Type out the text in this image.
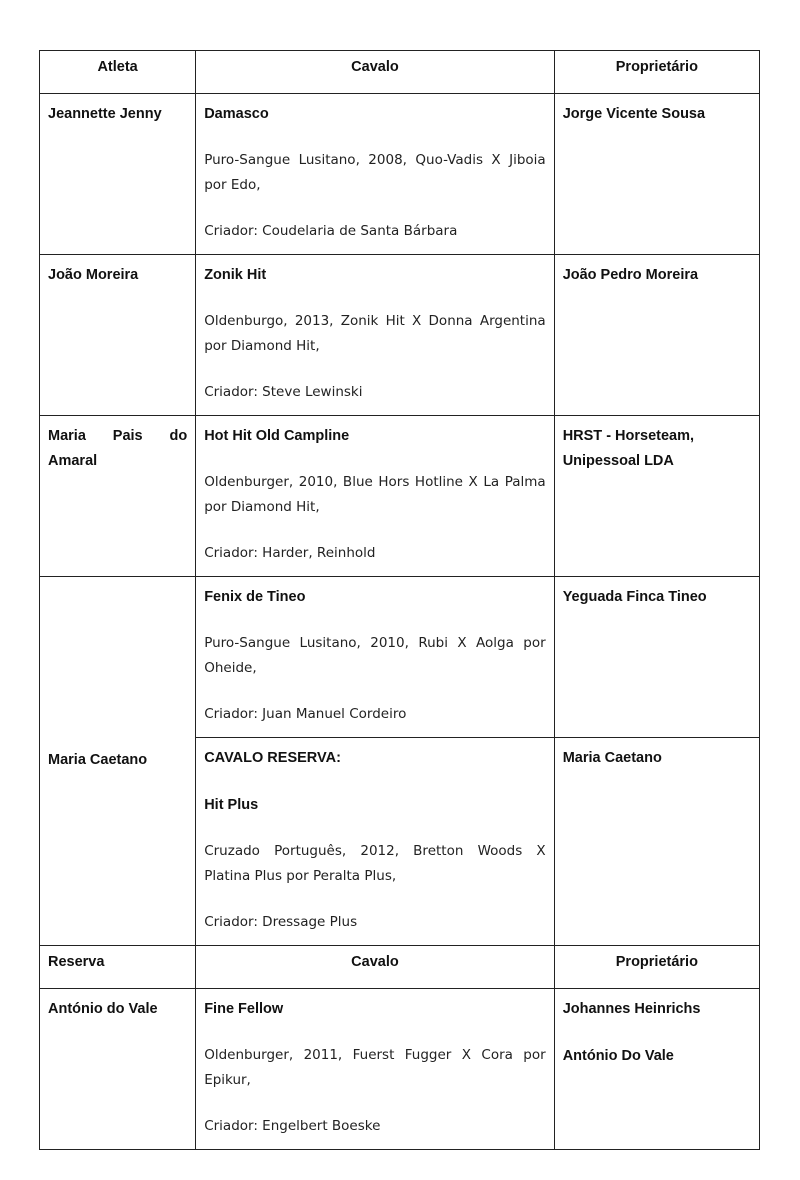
Atleta	Cavalo	Proprietário

Jeannette Jenny	Damasco
Puro-Sangue Lusitano, 2008, Quo-Vadis X Jiboia por Edo,
Criador: Coudelaria de Santa Bárbara	Jorge Vicente Sousa

João Moreira	Zonik Hit
Oldenburgo, 2013, Zonik Hit X Donna Argentina por Diamond Hit,
Criador: Steve Lewinski	João Pedro Moreira

Maria Pais do Amaral	Hot Hit Old Campline
Oldenburger, 2010, Blue Hors Hotline X La Palma por Diamond Hit,
Criador: Harder, Reinhold	HRST - Horseteam, Unipessoal LDA

Maria Caetano	Fenix de Tineo
Puro-Sangue Lusitano, 2010, Rubi X Aolga por Oheide,
Criador: Juan Manuel Cordeiro	Yeguada Finca Tineo

	CAVALO RESERVA:
Hit Plus
Cruzado Português, 2012, Bretton Woods X Platina Plus por Peralta Plus,
Criador: Dressage Plus	Maria Caetano

Reserva	Cavalo	Proprietário

António do Vale	Fine Fellow
Oldenburger, 2011, Fuerst Fugger X Cora por Epikur,
Criador: Engelbert Boeske	Johannes Heinrichs
António Do Vale
